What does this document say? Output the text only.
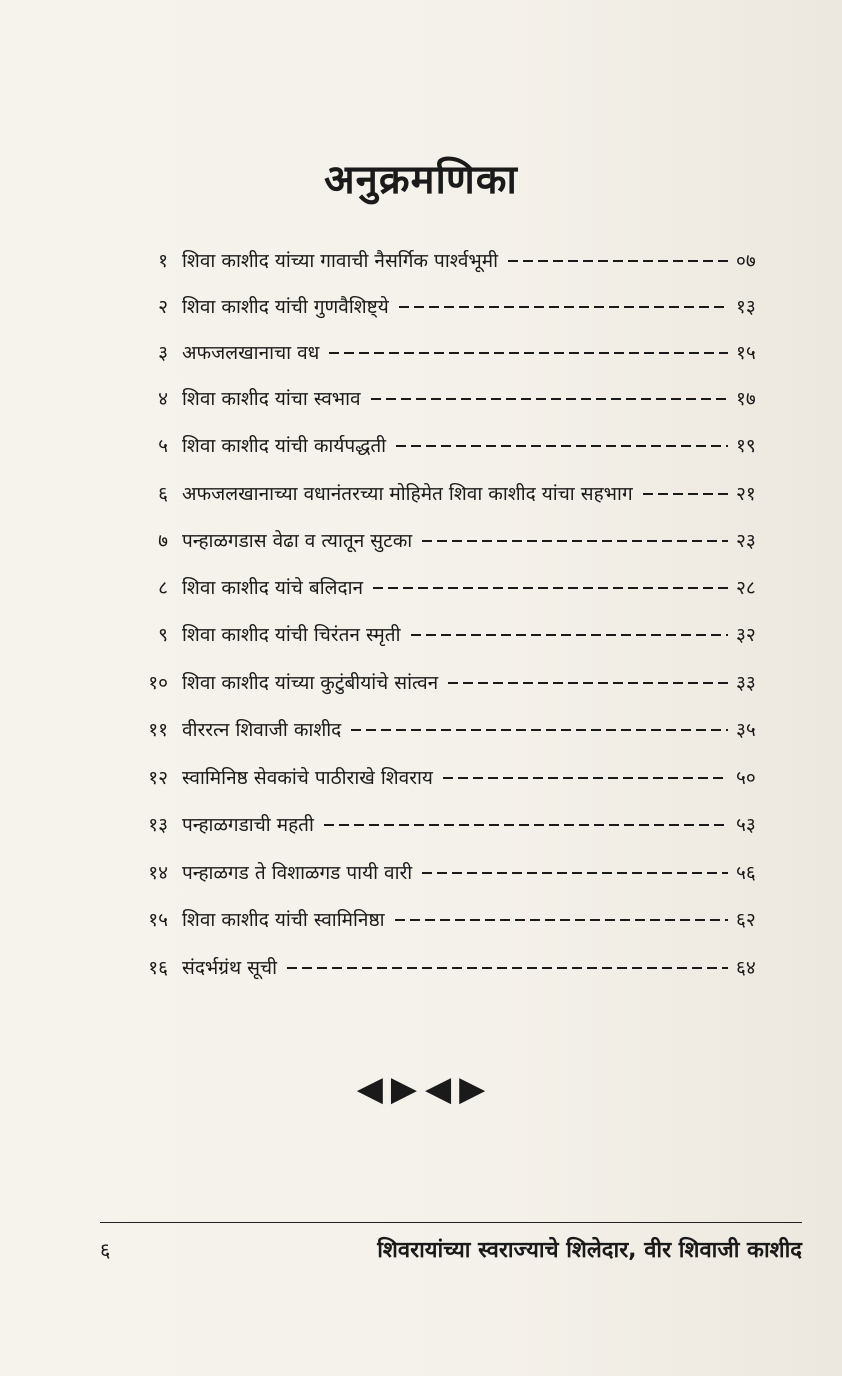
अनुक्रमणिका
१ शिवा काशीद यांच्या गावाची नैसर्गिक पार्श्वभूमी	०७
२ शिवा काशीद यांची गुणवैशिष्ट्ये	१३
३ अफजलखानाचा वध	१५
४ शिवा काशीद यांचा स्वभाव	१७
५ शिवा काशीद यांची कार्यपद्धती	१९
६ अफजलखानाच्या वधानंतरच्या मोहिमेत शिवा काशीद यांचा सहभाग	२१
७ पन्हाळगडास वेढा व त्यातून सुटका	२३
८ शिवा काशीद यांचे बलिदान	२८
९ शिवा काशीद यांची चिरंतन स्मृती	३२
१० शिवा काशीद यांच्या कुटुंबीयांचे सांत्वन	३३
११ वीररत्न शिवाजी काशीद	३५
१२ स्वामिनिष्ठ सेवकांचे पाठीराखे शिवराय	५०
१३ पन्हाळगडाची महती	५३
१४ पन्हाळगड ते विशाळगड पायी वारी	५६
१५ शिवा काशीद यांची स्वामिनिष्ठा	६२
१६ संदर्भग्रंथ सूची	६४
◀ ▶ ◀ ▶
६	शिवरायांच्या स्वराज्याचे शिलेदार, वीर शिवाजी काशीद
